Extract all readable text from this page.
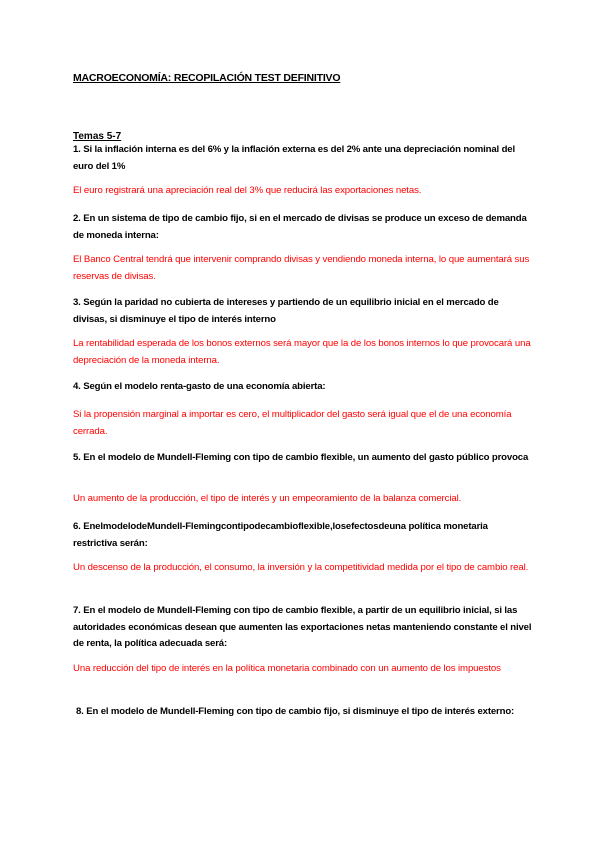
MACROECONOMÍA: RECOPILACIÓN TEST DEFINITIVO
Temas 5-7
1. Si la inflación interna es del 6% y la inflación externa es del 2% ante una depreciación nominal del euro del 1%
El euro registrará una apreciación real del 3% que reducirá las exportaciones netas.
2. En un sistema de tipo de cambio fijo, si en el mercado de divisas se produce un exceso de demanda de moneda interna:
El Banco Central tendrá que intervenir comprando divisas y vendiendo moneda interna, lo que aumentará sus reservas de divisas.
3. Según la paridad no cubierta de intereses y partiendo de un equilibrio inicial en el mercado de divisas, si disminuye el tipo de interés interno
La rentabilidad esperada de los bonos externos será mayor que la de los bonos internos lo que provocará una depreciación de la moneda interna.
4. Según el modelo renta-gasto de una economía abierta:
Si la propensión marginal a importar es cero, el multiplicador del gasto será igual que el de una economía cerrada.
5. En el modelo de Mundell-Fleming con tipo de cambio flexible, un aumento del gasto público provoca
Un aumento de la producción, el tipo de interés y un empeoramiento de la balanza comercial.
6. EnelmodelodeMundell-Flemingcontipodecambioflexible,losefectosdeuna política monetaria restrictiva serán:
Un descenso de la producción, el consumo, la inversión y la competitividad medida por el tipo de cambio real.
7. En el modelo de Mundell-Fleming con tipo de cambio flexible, a partir de un equilibrio inicial, si las autoridades económicas desean que aumenten las exportaciones netas manteniendo constante el nivel de renta, la política adecuada será:
Una reducción del tipo de interés en la política monetaria combinado con un aumento de los impuestos
8. En el modelo de Mundell-Fleming con tipo de cambio fijo, si disminuye el tipo de interés externo:
